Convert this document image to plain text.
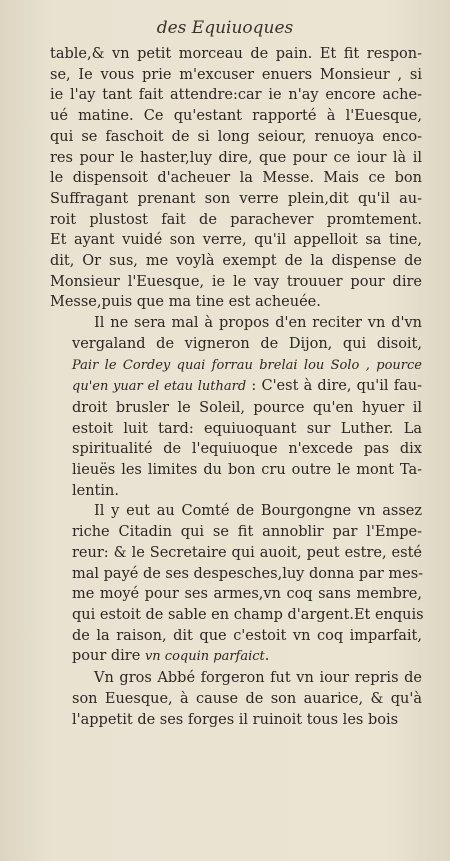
des Equiuoques
table,& vn petit morceau de pain. Et fit respon-
se, Ie vous prie m'excuser enuers Monsieur , si
ie l'ay tant fait attendre:car ie n'ay encore ache-
ué matine. Ce qu'estant rapporté à l'Euesque,
qui se faschoit de si long seiour, renuoya enco-
res pour le haster,luy dire, que pour ce iour là il
le dispensoit d'acheuer la Messe. Mais ce bon
Suffragant prenant son verre plein,dit qu'il au-
roit plustost fait de parachever promtement.
Et ayant vuidé son verre, qu'il appelloit sa tine,
dit, Or sus, me voylà exempt de la dispense de
Monsieur l'Euesque, ie le vay trouuer pour dire
Messe,puis que ma tine est acheuée.
Il ne sera mal à propos d'en reciter vn d'vn
vergaland de vigneron de Dijon, qui disoit,
Pair le Cordey quai forrau brelai lou Solo , pource
qu'en yuar el etau luthard : C'est à dire, qu'il fau-
droit brusler le Soleil, pource qu'en hyuer il
estoit luit tard: equiuoquant sur Luther. La
spiritualité de l'equiuoque n'excede pas dix
lieuës les limites du bon cru outre le mont Ta-
lentin.
Il y eut au Comté de Bourgongne vn assez
riche Citadin qui se fit annoblir par l'Empe-
reur: & le Secretaire qui auoit, peut estre, esté
mal payé de ses despesches,luy donna par mes-
me moyé pour ses armes,vn coq sans membre,
qui estoit de sable en champ d'argent.Et enquis
de la raison, dit que c'estoit vn coq imparfait,
pour dire vn coquin parfaict.
Vn gros Abbé forgeron fut vn iour repris de
son Euesque, à cause de son auarice, & qu'à
l'appetit de ses forges il ruinoit tous les bois
